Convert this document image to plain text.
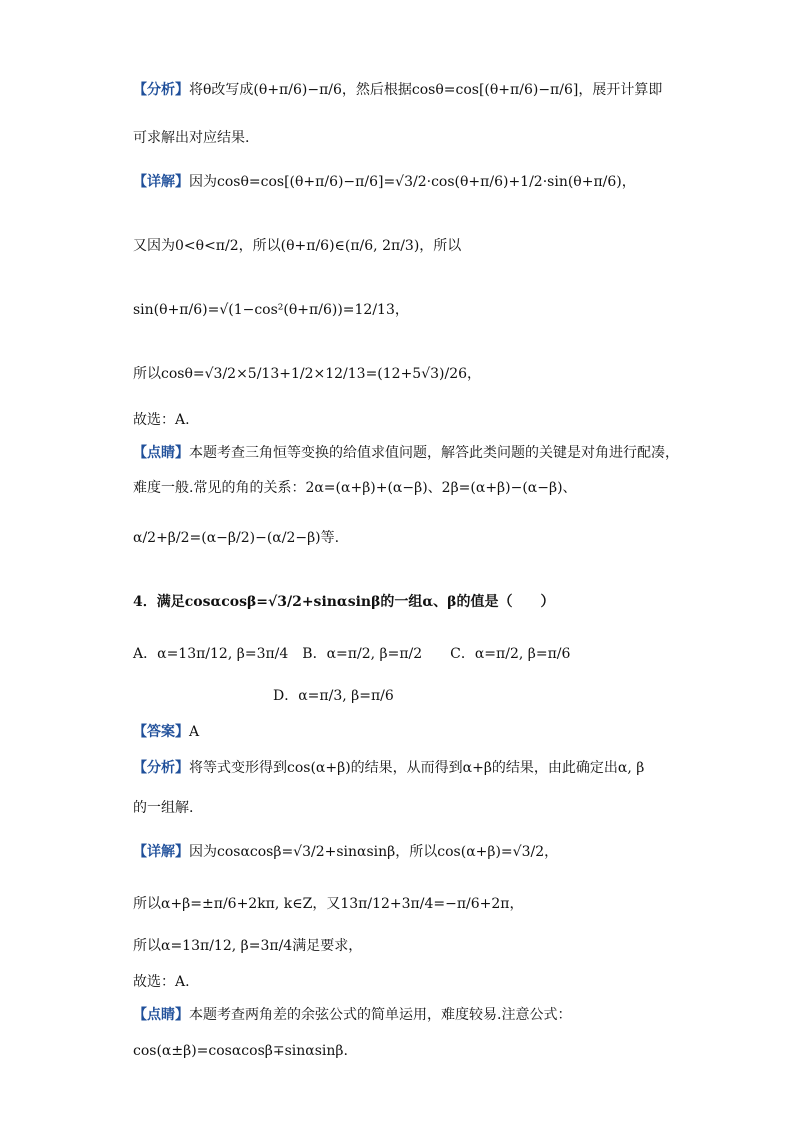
【分析】将θ改写成(θ+π/6)−π/6，然后根据cosθ=cos[(θ+π/6)−π/6]，展开计算即
可求解出对应结果.
【详解】因为cosθ=cos[(θ+π/6)−π/6]=√3/2·cos(θ+π/6)+1/2·sin(θ+π/6)，
又因为0<θ<π/2，所以(θ+π/6)∈(π/6, 2π/3)，所以
sin(θ+π/6)=√(1−cos²(θ+π/6))=12/13，
所以cosθ=√3/2×5/13+1/2×12/13=(12+5√3)/26，
故选：A.
【点睛】本题考查三角恒等变换的给值求值问题，解答此类问题的关键是对角进行配凑，
难度一般.常见的角的关系：2α=(α+β)+(α−β)、2β=(α+β)−(α−β)、
α/2+β/2=(α−β/2)−(α/2−β)等.
4．满足cosαcosβ=√3/2+sinαsinβ的一组α、β的值是（　　）
A．α=13π/12, β=3π/4　B．α=π/2, β=π/2　　C．α=π/2, β=π/6
　　　　　　　　　　D．α=π/3, β=π/6
【答案】A
【分析】将等式变形得到cos(α+β)的结果，从而得到α+β的结果，由此确定出α, β
的一组解.
【详解】因为cosαcosβ=√3/2+sinαsinβ，所以cos(α+β)=√3/2，
所以α+β=±π/6+2kπ, k∈Z，又13π/12+3π/4=−π/6+2π，
所以α=13π/12, β=3π/4满足要求，
故选：A.
【点睛】本题考查两角差的余弦公式的简单运用，难度较易.注意公式：
cos(α±β)=cosαcosβ∓sinαsinβ.
